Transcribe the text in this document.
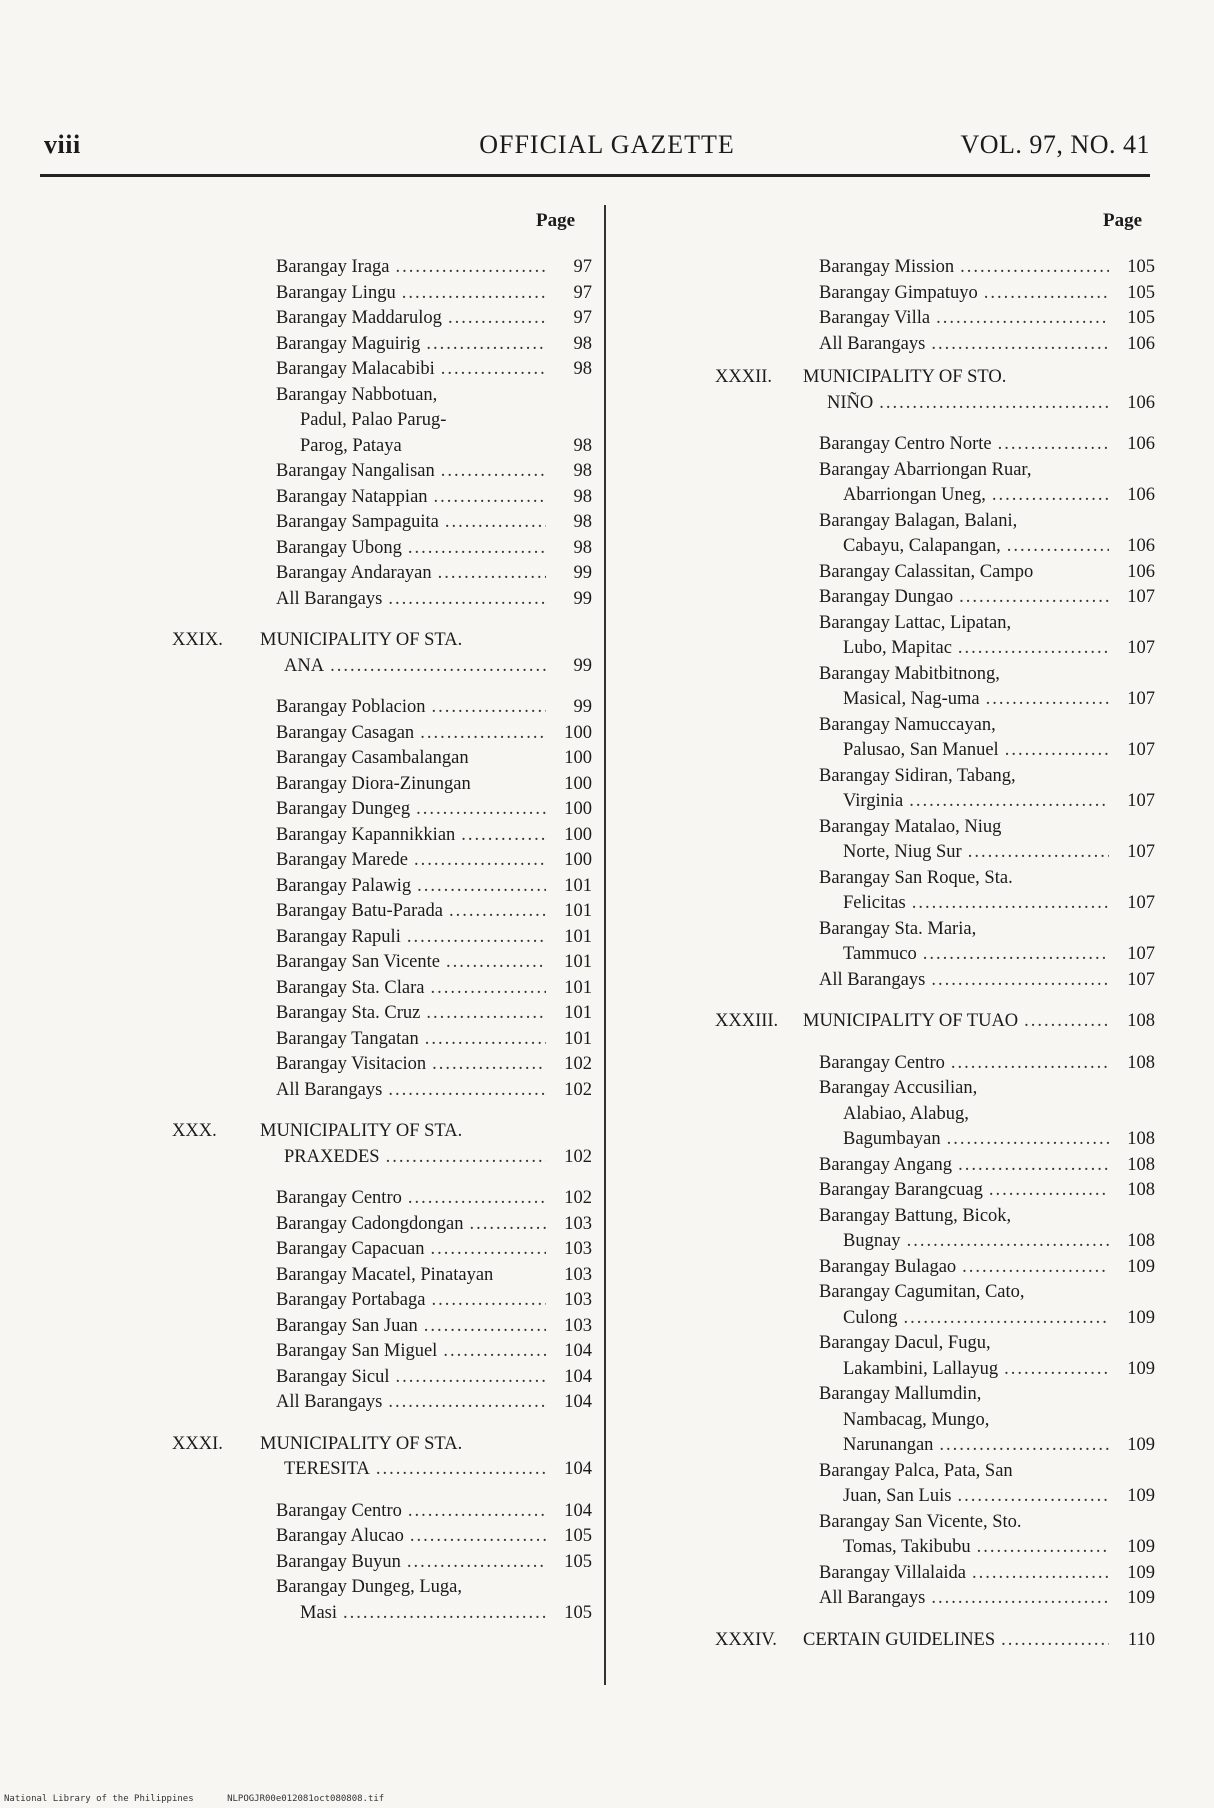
viii	OFFICIAL GAZETTE	VOL. 97, NO. 41
Page	Page
Barangay Iraga .....	97
Barangay Lingu .....	97
Barangay Maddarulog .....	97
Barangay Maguirig .....	98
Barangay Malacabibi .....	98
Barangay Nabbotuan,
Padul, Palao Parug-
Parog, Pataya	98
Barangay Nangalisan .....	98
Barangay Natappian .....	98
Barangay Sampaguita .....	98
Barangay Ubong .....	98
Barangay Andarayan .....	99
All Barangays .....	99
XXIX. MUNICIPALITY OF STA.
ANA .....	99
Barangay Poblacion .....	99
Barangay Casagan .....	100
Barangay Casambalangan	100
Barangay Diora-Zinungan	100
Barangay Dungeg .....	100
Barangay Kapannikkian .....	100
Barangay Marede .....	100
Barangay Palawig .....	101
Barangay Batu-Parada .....	101
Barangay Rapuli .....	101
Barangay San Vicente .....	101
Barangay Sta. Clara .....	101
Barangay Sta. Cruz .....	101
Barangay Tangatan .....	101
Barangay Visitacion .....	102
All Barangays .....	102
XXX. MUNICIPALITY OF STA.
PRAXEDES .....	102
Barangay Centro .....	102
Barangay Cadongdongan .....	103
Barangay Capacuan .....	103
Barangay Macatel, Pinatayan	103
Barangay Portabaga .....	103
Barangay San Juan .....	103
Barangay San Miguel .....	104
Barangay Sicul .....	104
All Barangays .....	104
XXXI. MUNICIPALITY OF STA.
TERESITA .....	104
Barangay Centro .....	104
Barangay Alucao .....	105
Barangay Buyun .....	105
Barangay Dungeg, Luga,
Masi .....	105
Barangay Mission .....	105
Barangay Gimpatuyo .....	105
Barangay Villa .....	105
All Barangays .....	106
XXXII. MUNICIPALITY OF STO.
NIÑO .....	106
Barangay Centro Norte .....	106
Barangay Abarriongan Ruar,
Abarriongan Uneg, .....	106
Barangay Balagan, Balani,
Cabayu, Calapangan, .....	106
Barangay Calassitan, Campo	106
Barangay Dungao .....	107
Barangay Lattac, Lipatan,
Lubo, Mapitac .....	107
Barangay Mabitbitnong,
Masical, Nag-uma .....	107
Barangay Namuccayan,
Palusao, San Manuel .....	107
Barangay Sidiran, Tabang,
Virginia .....	107
Barangay Matalao, Niug
Norte, Niug Sur .....	107
Barangay San Roque, Sta.
Felicitas .....	107
Barangay Sta. Maria,
Tammuco .....	107
All Barangays .....	107
XXXIII. MUNICIPALITY OF TUAO .....	108
Barangay Centro .....	108
Barangay Accusilian,
Alabiao, Alabug,
Bagumbayan .....	108
Barangay Angang .....	108
Barangay Barangcuag .....	108
Barangay Battung, Bicok,
Bugnay .....	108
Barangay Bulagao .....	109
Barangay Cagumitan, Cato,
Culong .....	109
Barangay Dacul, Fugu,
Lakambini, Lallayug .....	109
Barangay Mallumdin,
Nambacag, Mungo,
Narunangan .....	109
Barangay Palca, Pata, San
Juan, San Luis .....	109
Barangay San Vicente, Sto.
Tomas, Takibubu .....	109
Barangay Villalaida .....	109
All Barangays .....	109
XXXIV. CERTAIN GUIDELINES .....	110
National Library of the Philippines	NLPOGJR00e012081oct080808.tif
